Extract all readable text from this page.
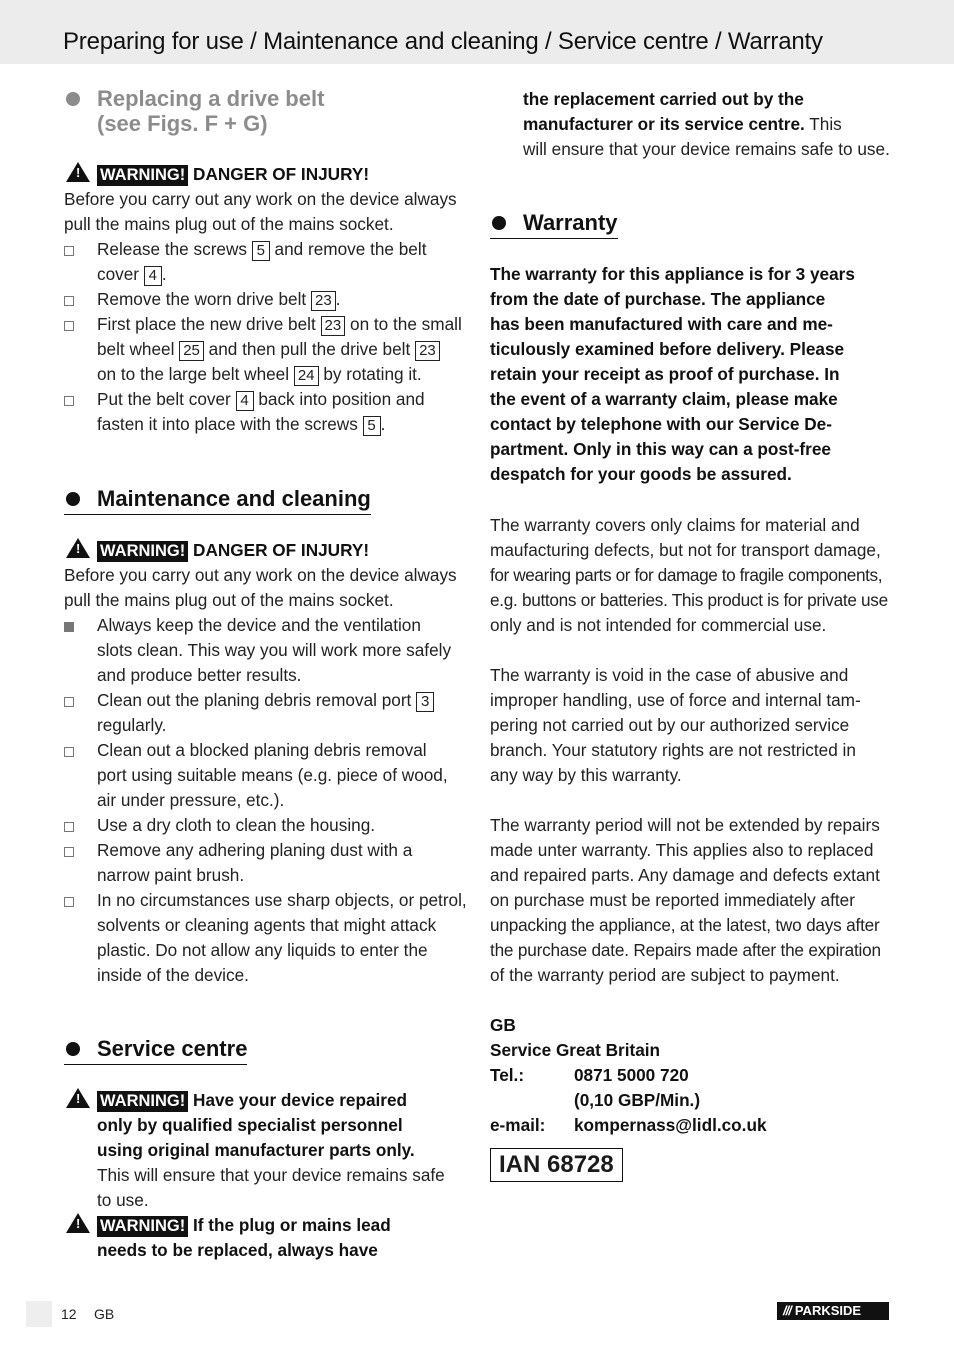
Preparing for use / Maintenance and cleaning / Service centre / Warranty
Replacing a drive belt
(see Figs. F + G)
! WARNING! DANGER OF INJURY!
Before you carry out any work on the device always
pull the mains plug out of the mains socket.
Release the screws 5 and remove the belt
cover 4 .
Remove the worn drive belt 23 .
First place the new drive belt 23 on to the small
belt wheel 25 and then pull the drive belt 23
on to the large belt wheel 24 by rotating it.
Put the belt cover 4 back into position and
fasten it into place with the screws 5 .
Maintenance and cleaning
! WARNING! DANGER OF INJURY!
Before you carry out any work on the device always
pull the mains plug out of the mains socket.
Always keep the device and the ventilation
slots clean. This way you will work more safely
and produce better results.
Clean out the planing debris removal port 3
regularly.
Clean out a blocked planing debris removal
port using suitable means (e.g. piece of wood,
air under pressure, etc.).
Use a dry cloth to clean the housing.
Remove any adhering planing dust with a
narrow paint brush.
In no circumstances use sharp objects, or petrol,
solvents or cleaning agents that might attack
plastic. Do not allow any liquids to enter the
inside of the device.
Service centre
! WARNING! Have your device repaired
only by qualified specialist personnel
using original manufacturer parts only.
This will ensure that your device remains safe
to use.
! WARNING! If the plug or mains lead
needs to be replaced, always have
the replacement carried out by the
manufacturer or its service centre. This
will ensure that your device remains safe to use.
Warranty
The warranty for this appliance is for 3 years
from the date of purchase. The appliance
has been manufactured with care and me-
ticulously examined before delivery. Please
retain your receipt as proof of purchase. In
the event of a warranty claim, please make
contact by telephone with our Service De-
partment. Only in this way can a post-free
despatch for your goods be assured.
The warranty covers only claims for material and
maufacturing defects, but not for transport damage,
for wearing parts or for damage to fragile components,
e.g. buttons or batteries. This product is for private use
only and is not intended for commercial use.
The warranty is void in the case of abusive and
improper handling, use of force and internal tam-
pering not carried out by our authorized service
branch. Your statutory rights are not restricted in
any way by this warranty.
The warranty period will not be extended by repairs
made unter warranty. This applies also to replaced
and repaired parts. Any damage and defects extant
on purchase must be reported immediately after
unpacking the appliance, at the latest, two days after
the purchase date. Repairs made after the expiration
of the warranty period are subject to payment.
GB
Service Great Britain
Tel.:	0871 5000 720
(0,10 GBP/Min.)
e-mail: kompernass@lidl.co.uk
IAN 68728
12 GB	/// PARKSIDE
